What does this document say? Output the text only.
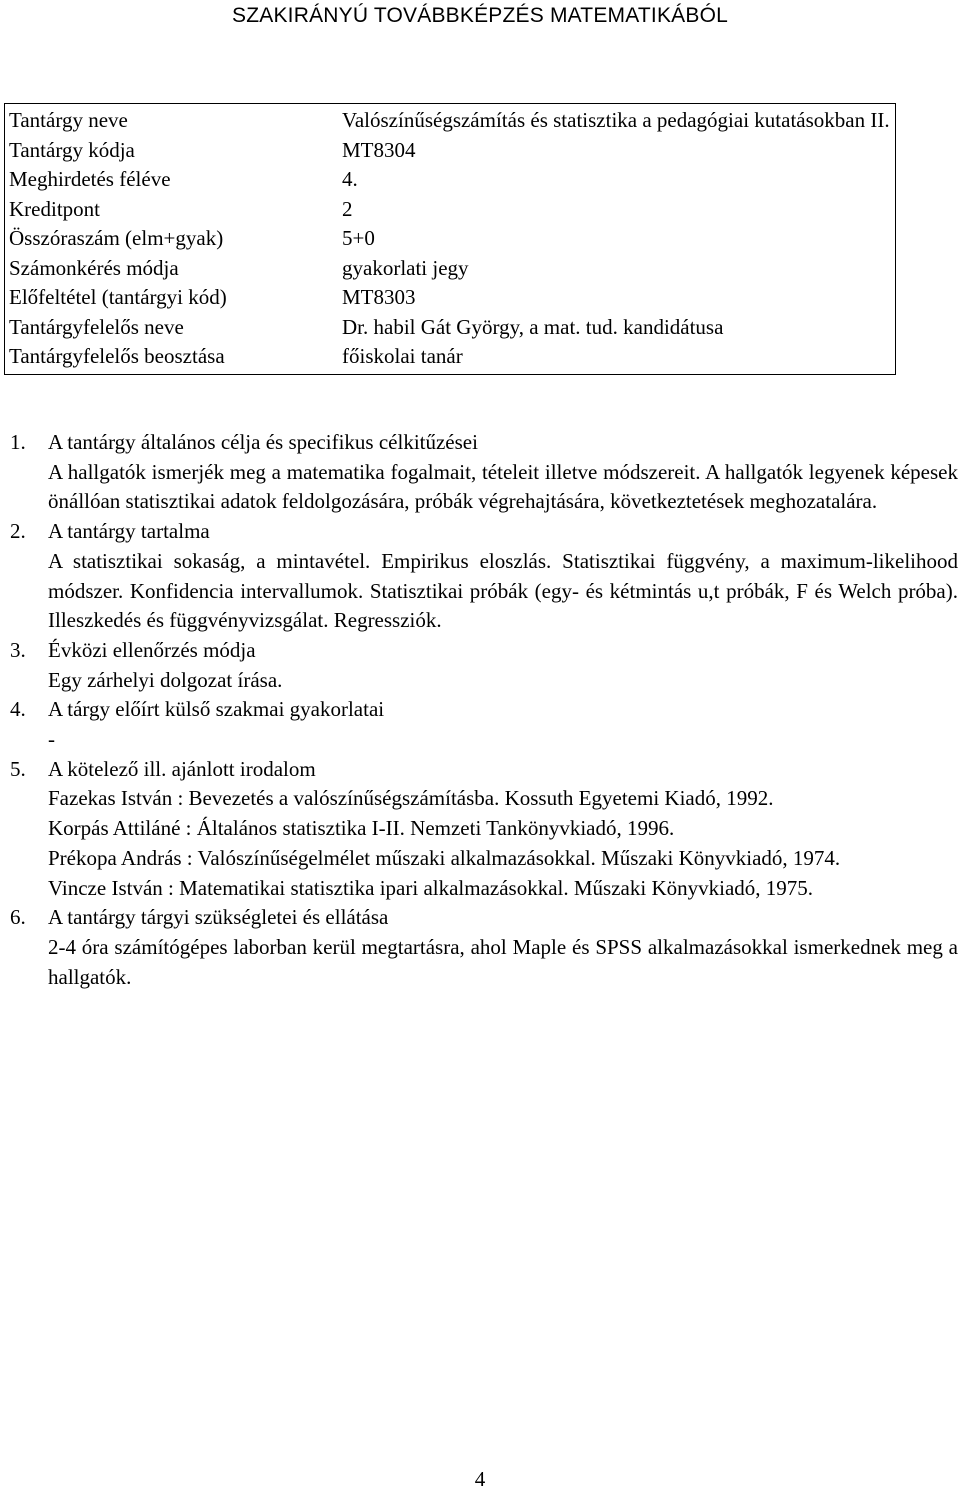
SZAKIRÁNYÚ TOVÁBBKÉPZÉS MATEMATIKÁBÓL
Tantárgy neve	Valószínűségszámítás és statisztika a pedagógiai kutatásokban II.
Tantárgy kódja	MT8304
Meghirdetés féléve	4.
Kreditpont	2
Összóraszám (elm+gyak)	5+0
Számonkérés módja	gyakorlati jegy
Előfeltétel (tantárgyi kód)	MT8303
Tantárgyfelelős neve	Dr. habil Gát György, a mat. tud. kandidátusa
Tantárgyfelelős beosztása	főiskolai tanár
1.	A tantárgy általános célja és specifikus célkitűzései
A hallgatók ismerjék meg a matematika fogalmait, tételeit illetve módszereit. A hallgatók legyenek képesek önállóan statisztikai adatok feldolgozására, próbák végrehajtására, következtetések meghozatalára.
2.	A tantárgy tartalma
A statisztikai sokaság, a mintavétel. Empirikus eloszlás. Statisztikai függvény, a maximum-likelihood módszer. Konfidencia intervallumok. Statisztikai próbák (egy- és kétmintás u,t próbák, F és Welch próba). Illeszkedés és függvényvizsgálat. Regressziók.
3.	Évközi ellenőrzés módja
Egy zárhelyi dolgozat írása.
4.	A tárgy előírt külső szakmai gyakorlatai
-
5.	A kötelező ill. ajánlott irodalom
Fazekas István : Bevezetés a valószínűségszámításba. Kossuth Egyetemi Kiadó, 1992.
Korpás Attiláné : Általános statisztika I-II. Nemzeti Tankönyvkiadó, 1996.
Prékopa András : Valószínűségelmélet műszaki alkalmazásokkal. Műszaki Könyvkiadó, 1974.
Vincze István : Matematikai statisztika ipari alkalmazásokkal. Műszaki Könyvkiadó, 1975.
6.	A tantárgy tárgyi szükségletei és ellátása
2-4 óra számítógépes laborban kerül megtartásra, ahol Maple és SPSS alkalmazásokkal ismerkednek meg a hallgatók.
4
